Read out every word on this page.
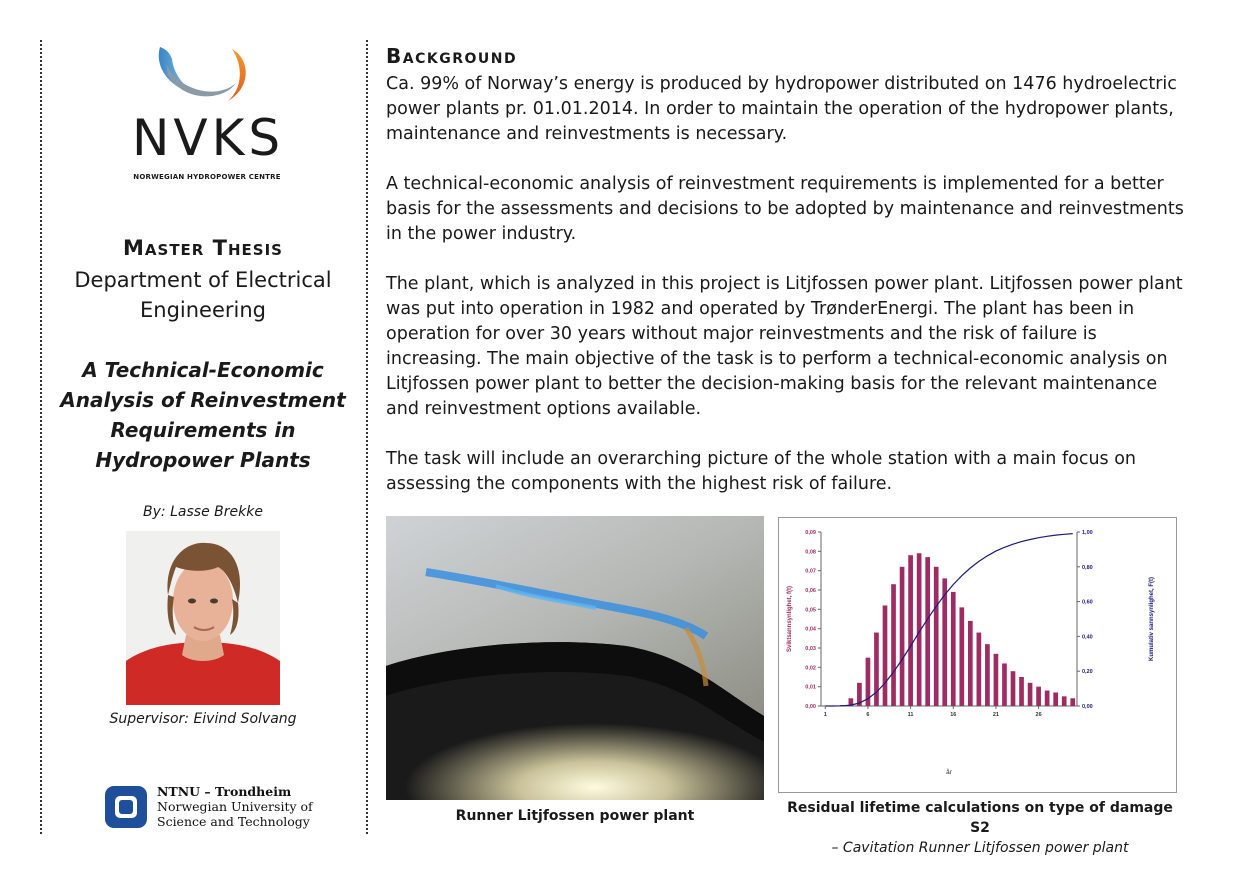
NVKS
NORWEGIAN HYDROPOWER CENTRE
Master Thesis
Department of Electrical Engineering
A Technical-Economic Analysis of Reinvestment Requirements in Hydropower Plants
By: Lasse Brekke
Supervisor: Eivind Solvang
NTNU – Trondheim
Norwegian University of
Science and Technology
Background

Ca. 99% of Norway’s energy is produced by hydropower distributed on 1476 hydroelectric power plants pr. 01.01.2014. In order to maintain the operation of the hydropower plants, maintenance and reinvestments is necessary.

A technical-economic analysis of reinvestment requirements is implemented for a better basis for the assessments and decisions to be adopted by maintenance and reinvestments in the power industry.

The plant, which is analyzed in this project is Litjfossen power plant. Litjfossen power plant was put into operation in 1982 and operated by TrønderEnergi. The plant has been in operation for over 30 years without major reinvestments and the risk of failure is increasing. The main objective of the task is to perform a technical-economic analysis on Litjfossen power plant to better the decision-making basis for the relevant maintenance and reinvestment options available.

The task will include an overarching picture of the whole station with a main focus on assessing the components with the highest risk of failure.

Runner Litjfossen power plant
0,00
0,01
0,02
0,03
0,04
0,05
0,06
0,07
0,08
0,09
0,00
0,20
0,40
0,60
0,80
1,00
1	6	11	16	21	26
år
Sviktsannsynlighet, f(t)	Kumulativ sannsynlighet, F(t)
Residual lifetime calculations on type of damage S2
– Cavitation Runner Litjfossen power plant
